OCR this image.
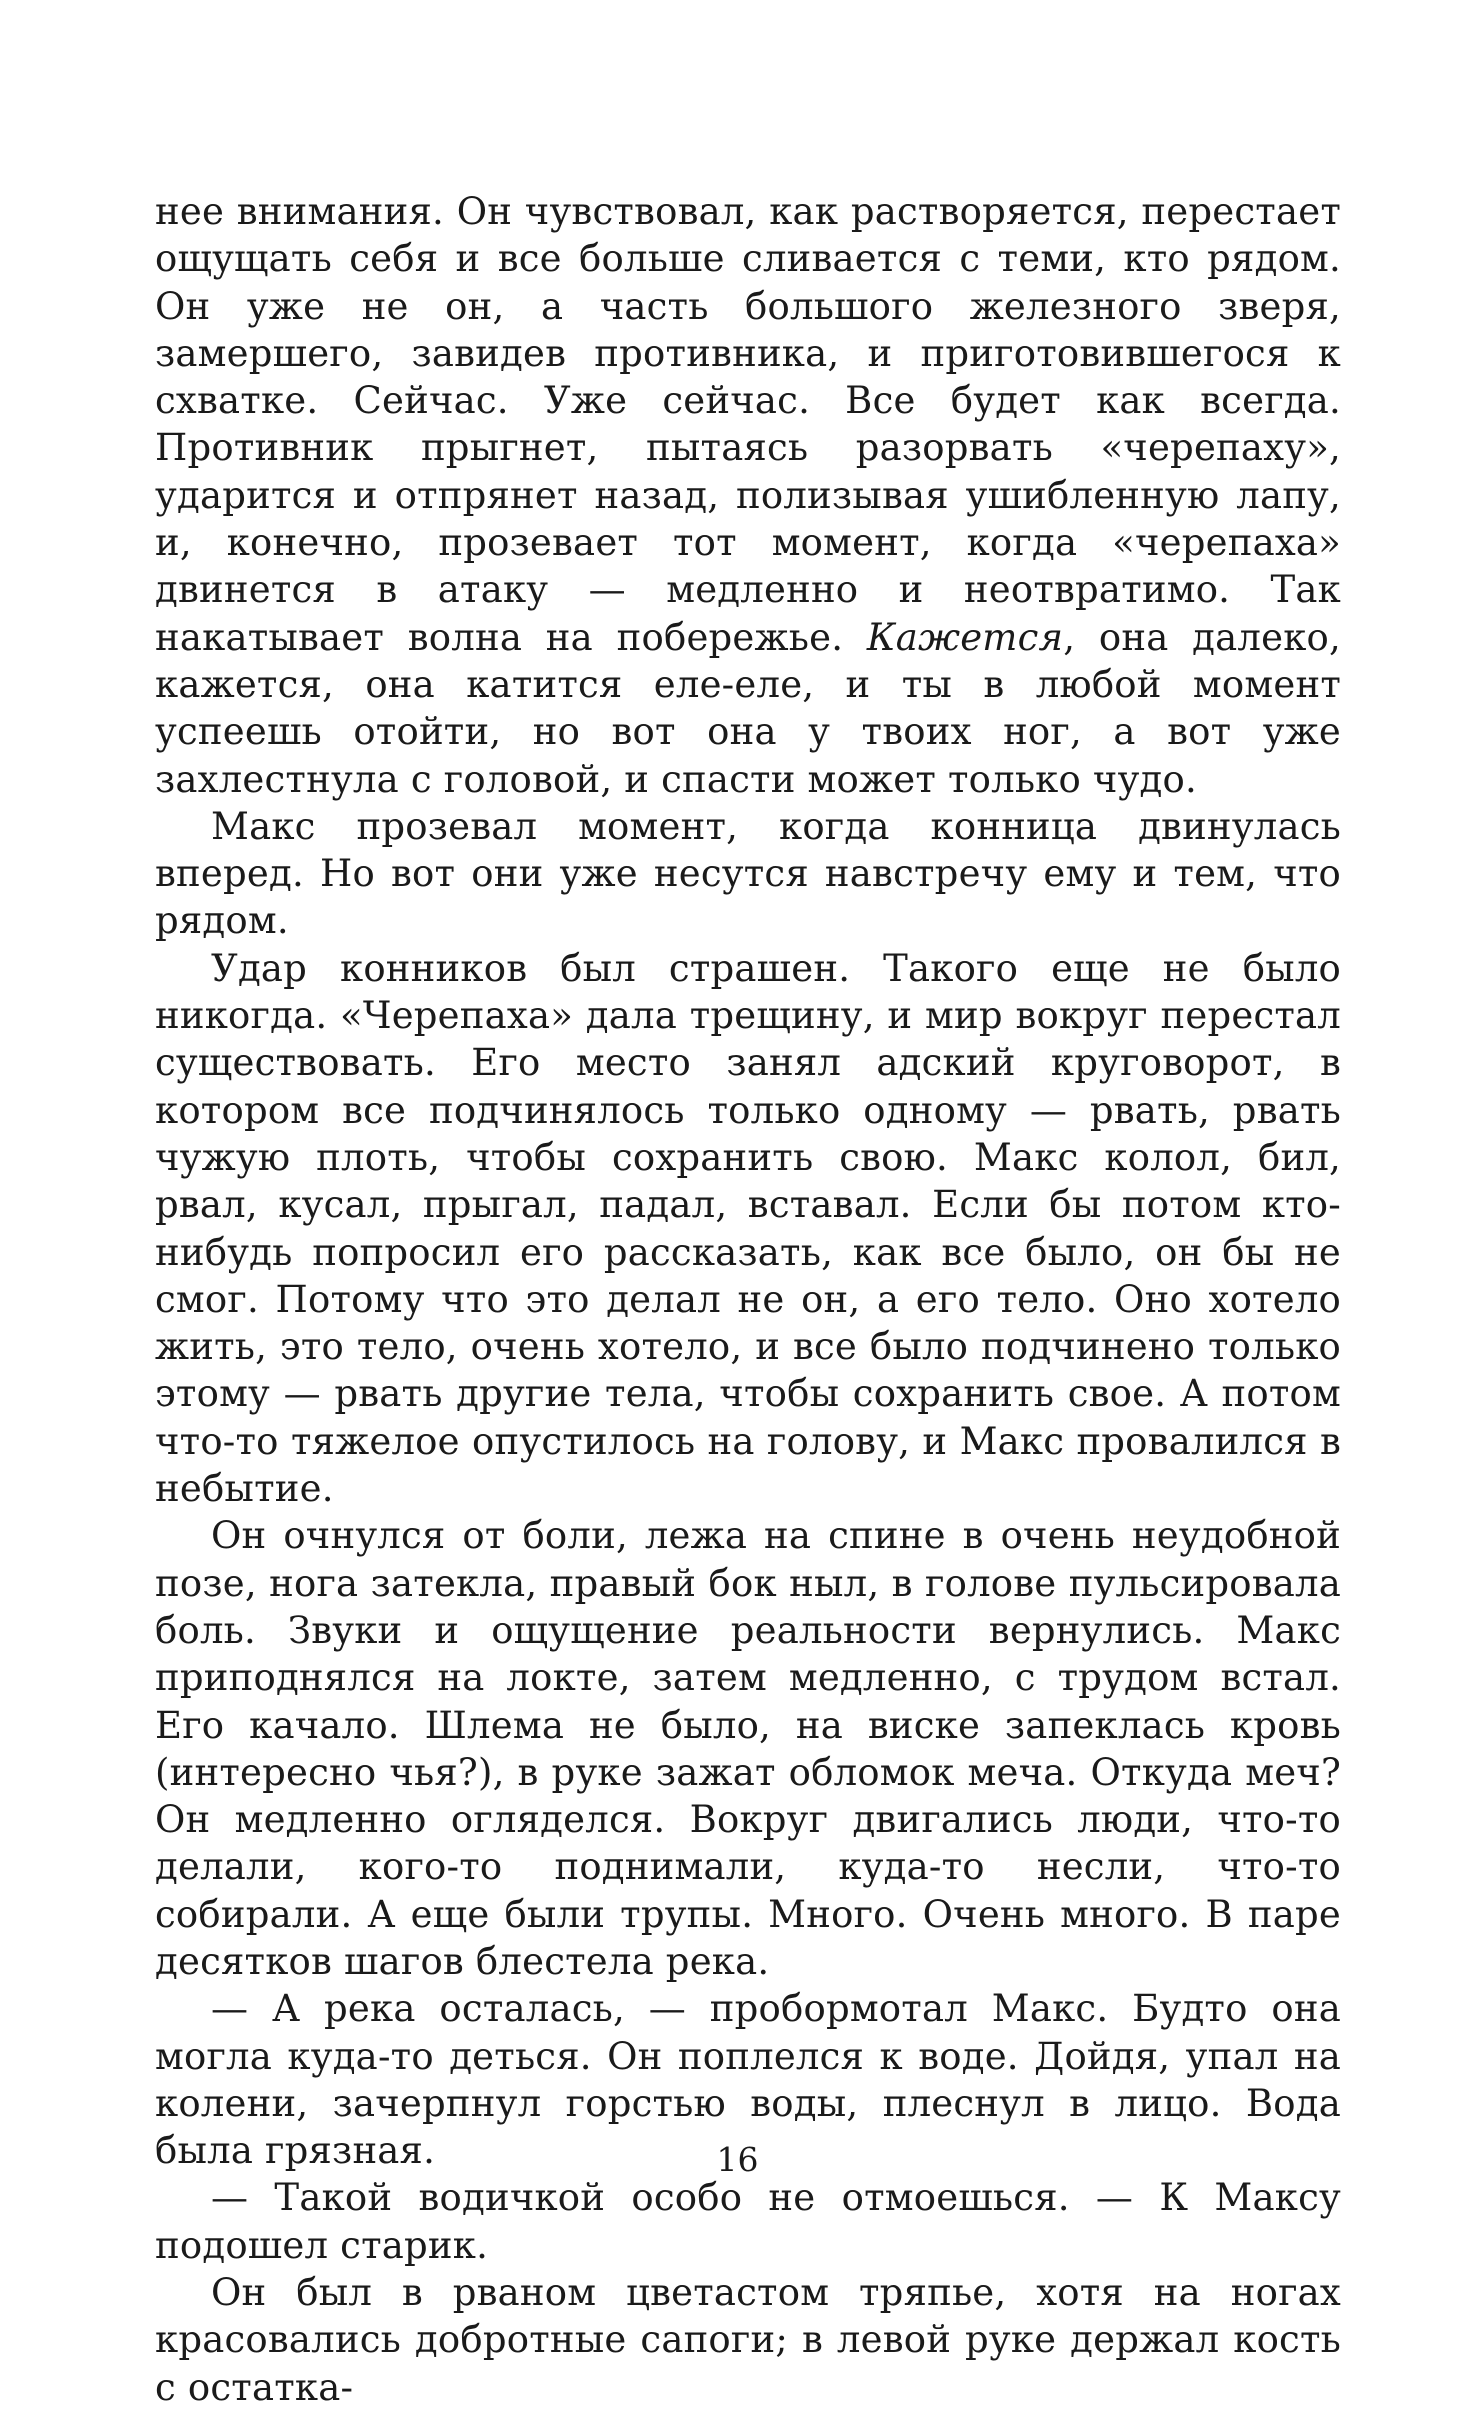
нее внимания. Он чувствовал, как растворяется, перестает ощущать себя и все больше сливается с теми, кто рядом. Он уже не он, а часть большого железного зверя, замершего, завидев противника, и приготовившегося к схватке. Сейчас. Уже сейчас. Все будет как всегда. Противник прыгнет, пытаясь разорвать «черепаху», ударится и отпрянет назад, полизывая ушибленную лапу, и, конечно, прозевает тот момент, когда «черепаха» двинется в атаку — медленно и неотвратимо. Так накатывает волна на побережье. Кажется, она далеко, кажется, она катится еле-еле, и ты в любой момент успеешь отойти, но вот она у твоих ног, а вот уже захлестнула с головой, и спасти может только чудо.

Макс прозевал момент, когда конница двинулась вперед. Но вот они уже несутся навстречу ему и тем, что рядом.

Удар конников был страшен. Такого еще не было никогда. «Черепаха» дала трещину, и мир вокруг перестал существовать. Его место занял адский круговорот, в котором все подчинялось только одному — рвать, рвать чужую плоть, чтобы сохранить свою. Макс колол, бил, рвал, кусал, прыгал, падал, вставал. Если бы потом кто-нибудь попросил его рассказать, как все было, он бы не смог. Потому что это делал не он, а его тело. Оно хотело жить, это тело, очень хотело, и все было подчинено только этому — рвать другие тела, чтобы сохранить свое. А потом что-то тяжелое опустилось на голову, и Макс провалился в небытие.

Он очнулся от боли, лежа на спине в очень неудобной позе, нога затекла, правый бок ныл, в голове пульсировала боль. Звуки и ощущение реальности вернулись. Макс приподнялся на локте, затем медленно, с трудом встал. Его качало. Шлема не было, на виске запеклась кровь (интересно чья?), в руке зажат обломок меча. Откуда меч? Он медленно огляделся. Вокруг двигались люди, что-то делали, кого-то поднимали, куда-то несли, что-то собирали. А еще были трупы. Много. Очень много. В паре десятков шагов блестела река.

— А река осталась, — пробормотал Макс. Будто она могла куда-то деться. Он поплелся к воде. Дойдя, упал на колени, зачерпнул горстью воды, плеснул в лицо. Вода была грязная.

— Такой водичкой особо не отмоешься. — К Максу подошел старик.

Он был в рваном цветастом тряпье, хотя на ногах красовались добротные сапоги; в левой руке держал кость с остатка-

16
